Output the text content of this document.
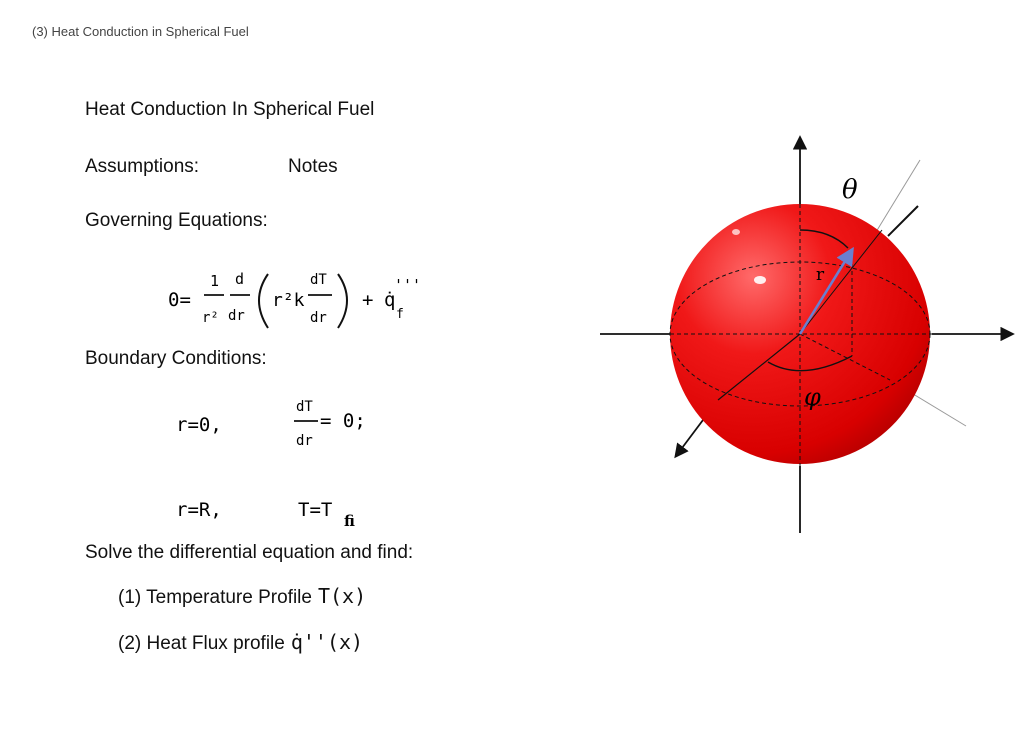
(3) Heat Conduction in Spherical Fuel
Heat Conduction In Spherical Fuel
Assumptions:	Notes
Governing Equations:
0=
1
r²
d
dr
r²k
dT
dr
+ q̇
'''
f
Boundary Conditions:
r=0,
dT
dr
= 0;
r=R,	T=T fi
Solve the differential equation and find:
(1) Temperature Profile T(x)
(2) Heat Flux profile q̇''(x)
θ
r
φ
